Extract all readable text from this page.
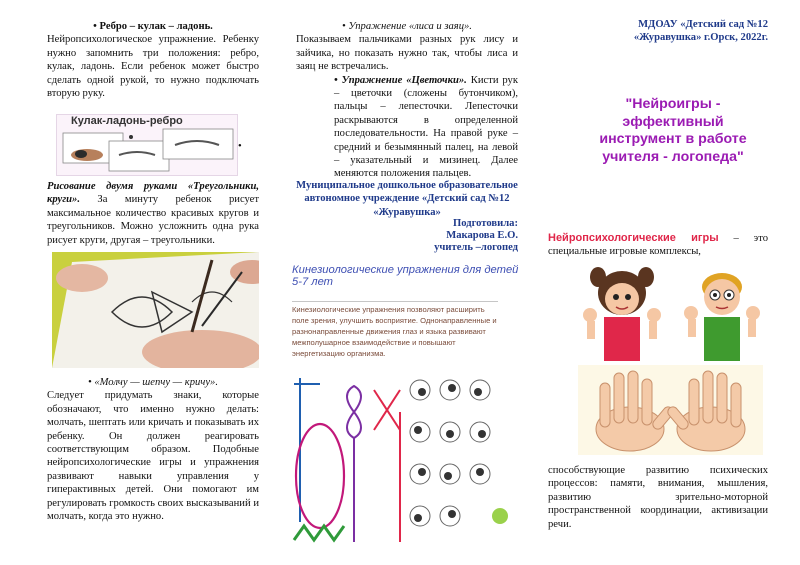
• Ребро – кулак – ладонь.
Нейропсихологическое упражнение. Ребенку нужно запомнить три положения: ребро, кулак, ладонь. Если ребенок может быстро сделать одной рукой, то нужно подключать вторую руку.
Кулак-ладонь-ребро
•
Рисование двумя руками «Треугольники, круги». За минуту ребенок рисует максимальное количество красивых кругов и треугольников. Можно усложнить одна рука рисует круги, другая – треугольники.
• «Молчу — шепчу — кричу».
Следует придумать знаки, которые обозначают, что именно нужно делать: молчать, шептать или кричать и показывать их ребенку. Он должен реагировать соответствующим образом. Подобные нейропсихологические игры и упражнения развивают навыки управления у гиперактивных детей. Они помогают им регулировать громкость своих высказываний и молчать, когда это нужно.
• Упражнение «лиса и заяц».
Показываем пальчиками разных рук лису и зайчика, но показать нужно так, чтобы лиса и заяц не встречались.
• Упражнение «Цветочки». Кисти рук – цветочки (сложены бутончиком), пальцы – лепесточки. Лепесточки раскрываются в определенной последовательности. На правой руке – средний и безымянный палец, на левой – указательный и мизинец. Далее меняются положения пальцев.
Муниципальное дошкольное образовательное автономное учреждение «Детский сад №12 «Журавушка»
Подготовила:
Макарова Е.О.
учитель –логопед
Кинезиологические упражнения для детей 5-7 лет
Кинезиологические упражнения позволяют расширить поле зрения, улучшить восприятие. Однонаправленные и разнонаправленные движения глаз и языка развивают межполушарное взаимодействие и повышают энергетизацию организма.
МДОАУ «Детский сад №12 «Журавушка» г.Орск, 2022г.
"Нейроигры - эффективный инструмент в работе учителя - логопеда"
Нейропсихологические игры – это специальные игровые комплексы,
способствующие развитию психических процессов: памяти, внимания, мышления, развитию зрительно-моторной пространственной координации, активизации речи.
